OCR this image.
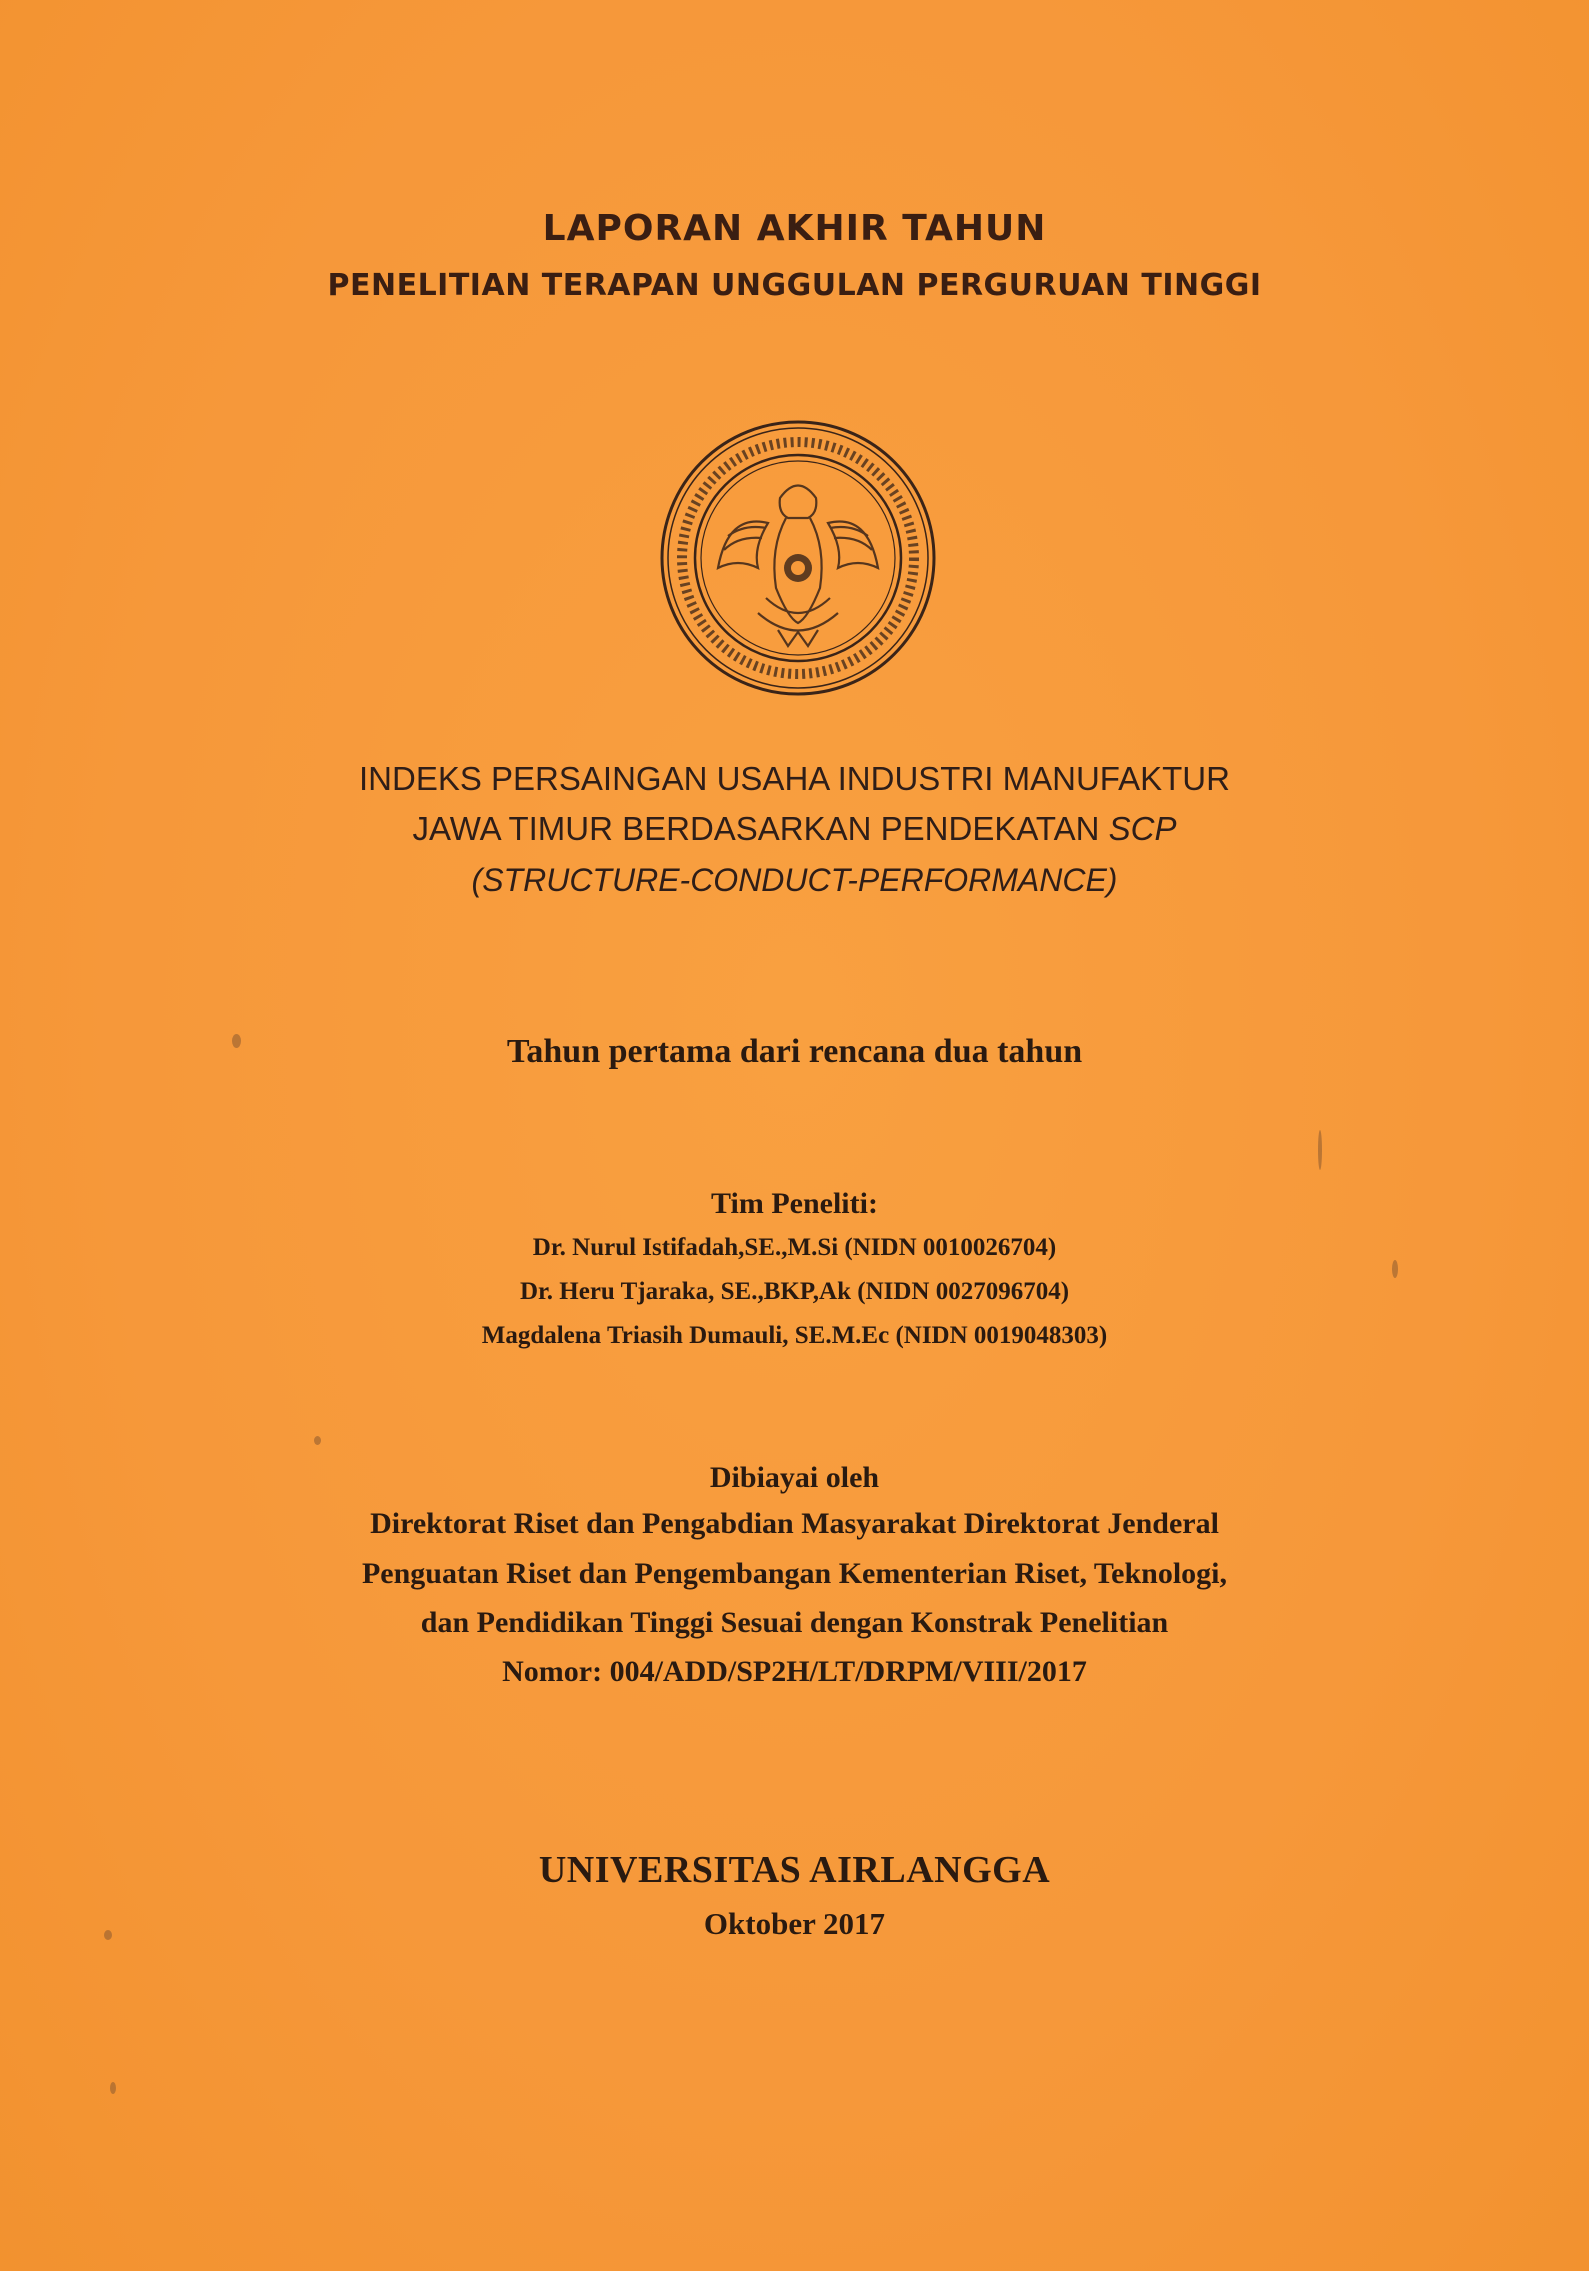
LAPORAN AKHIR TAHUN
PENELITIAN TERAPAN UNGGULAN PERGURUAN TINGGI
INDEKS PERSAINGAN USAHA INDUSTRI MANUFAKTUR
JAWA TIMUR BERDASARKAN PENDEKATAN SCP
(STRUCTURE-CONDUCT-PERFORMANCE)
Tahun pertama dari rencana dua tahun
Tim Peneliti:
Dr. Nurul Istifadah,SE.,M.Si (NIDN 0010026704)
Dr. Heru Tjaraka, SE.,BKP,Ak (NIDN 0027096704)
Magdalena Triasih Dumauli, SE.M.Ec (NIDN 0019048303)
Dibiayai oleh
Direktorat Riset dan Pengabdian Masyarakat Direktorat Jenderal
Penguatan Riset dan Pengembangan Kementerian Riset, Teknologi,
dan Pendidikan Tinggi Sesuai dengan Konstrak Penelitian
Nomor: 004/ADD/SP2H/LT/DRPM/VIII/2017
UNIVERSITAS AIRLANGGA
Oktober 2017
